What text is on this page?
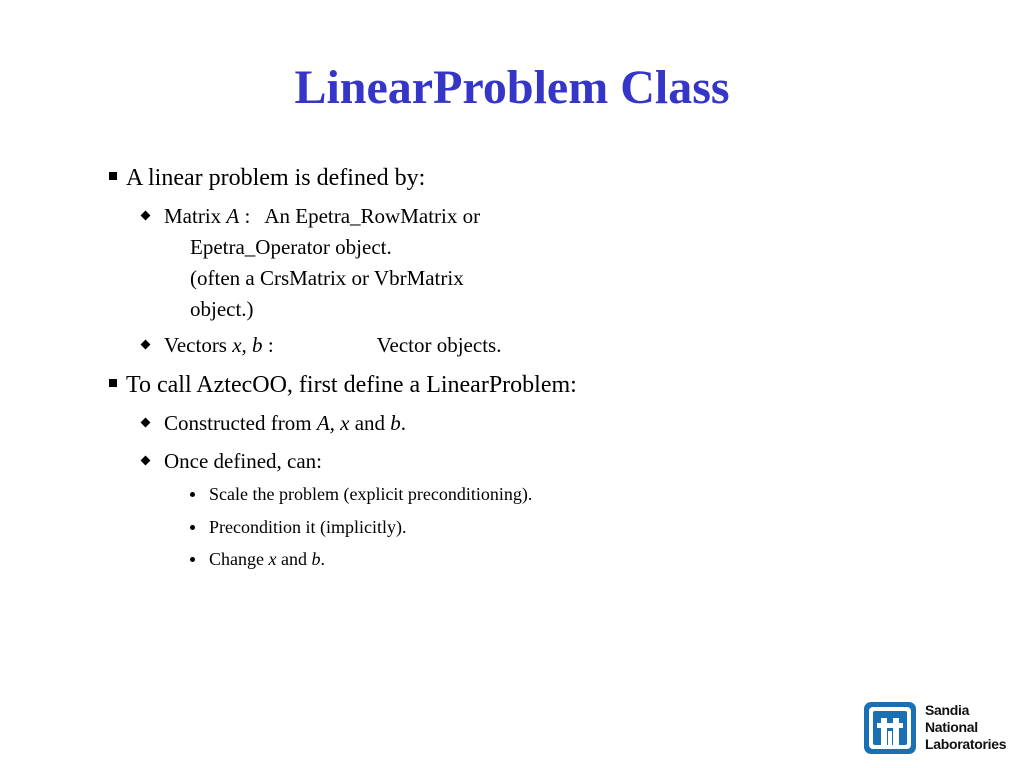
LinearProblem Class
A linear problem is defined by:
Matrix A : An Epetra_RowMatrix or
Epetra_Operator object.
(often a CrsMatrix or VbrMatrix
object.)
Vectors x, b :	Vector objects.
To call AztecOO, first define a LinearProblem:
Constructed from A, x and b.
Once defined, can:
Scale the problem (explicit preconditioning).
Precondition it (implicitly).
Change x and b.
Sandia
National
Laboratories
